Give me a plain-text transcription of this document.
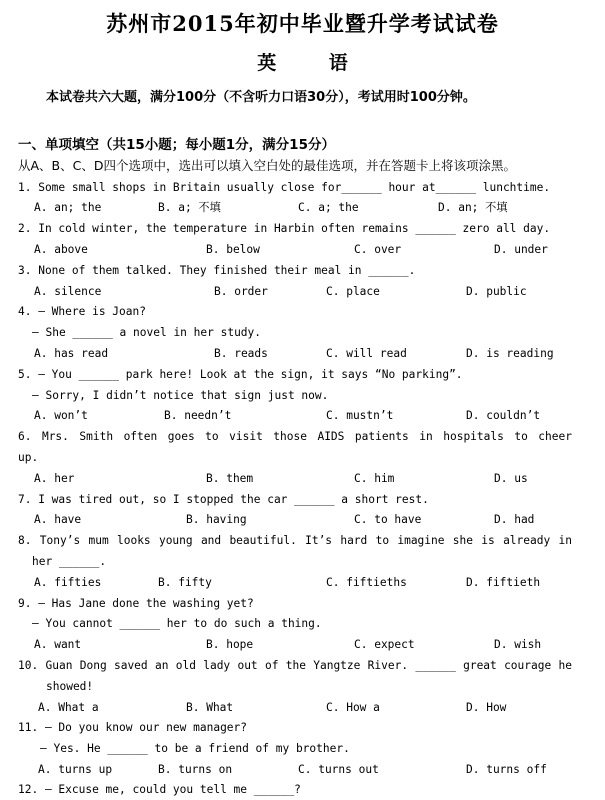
苏州市2015年初中毕业暨升学考试试卷
英 语
本试卷共六大题，满分100分（不含听力口语30分），考试用时100分钟。
一、单项填空（共15小题；每小题1分，满分15分）
从A、B、C、D四个选项中，选出可以填入空白处的最佳选项，并在答题卡上将该项涂黑。
1. Some small shops in Britain usually close for______ hour at______ lunchtime.
A. an; the	B. a; 不填	C. a; the	D. an; 不填
2. In cold winter, the temperature in Harbin often remains ______ zero all day.
A. above	B. below	C. over	D. under
3. None of them talked. They finished their meal in ______.
A. silence	B. order	C. place	D. public
4. — Where is Joan?
— She ______ a novel in her study.
A. has read	B. reads	C. will read	D. is reading
5. — You ______ park here! Look at the sign, it says “No parking”.
— Sorry, I didn’t notice that sign just now.
A. won’t	B. needn’t	C. mustn’t	D. couldn’t
6. Mrs. Smith often goes to visit those AIDS patients in hospitals to cheer
up.
A. her	B. them	C. him	D. us
7. I was tired out, so I stopped the car ______ a short rest.
A. have	B. having	C. to have	D. had
8. Tony’s mum looks young and beautiful. It’s hard to imagine she is already in
her ______.
A. fifties	B. fifty	C. fiftieths	D. fiftieth
9. — Has Jane done the washing yet?
— You cannot ______ her to do such a thing.
A. want	B. hope	C. expect	D. wish
10. Guan Dong saved an old lady out of the Yangtze River. ______ great courage he
showed!
A. What a	B. What	C. How a	D. How
11. — Do you know our new manager?
— Yes. He ______ to be a friend of my brother.
A. turns up	B. turns on	C. turns out	D. turns off
12. — Excuse me, could you tell me ______?
